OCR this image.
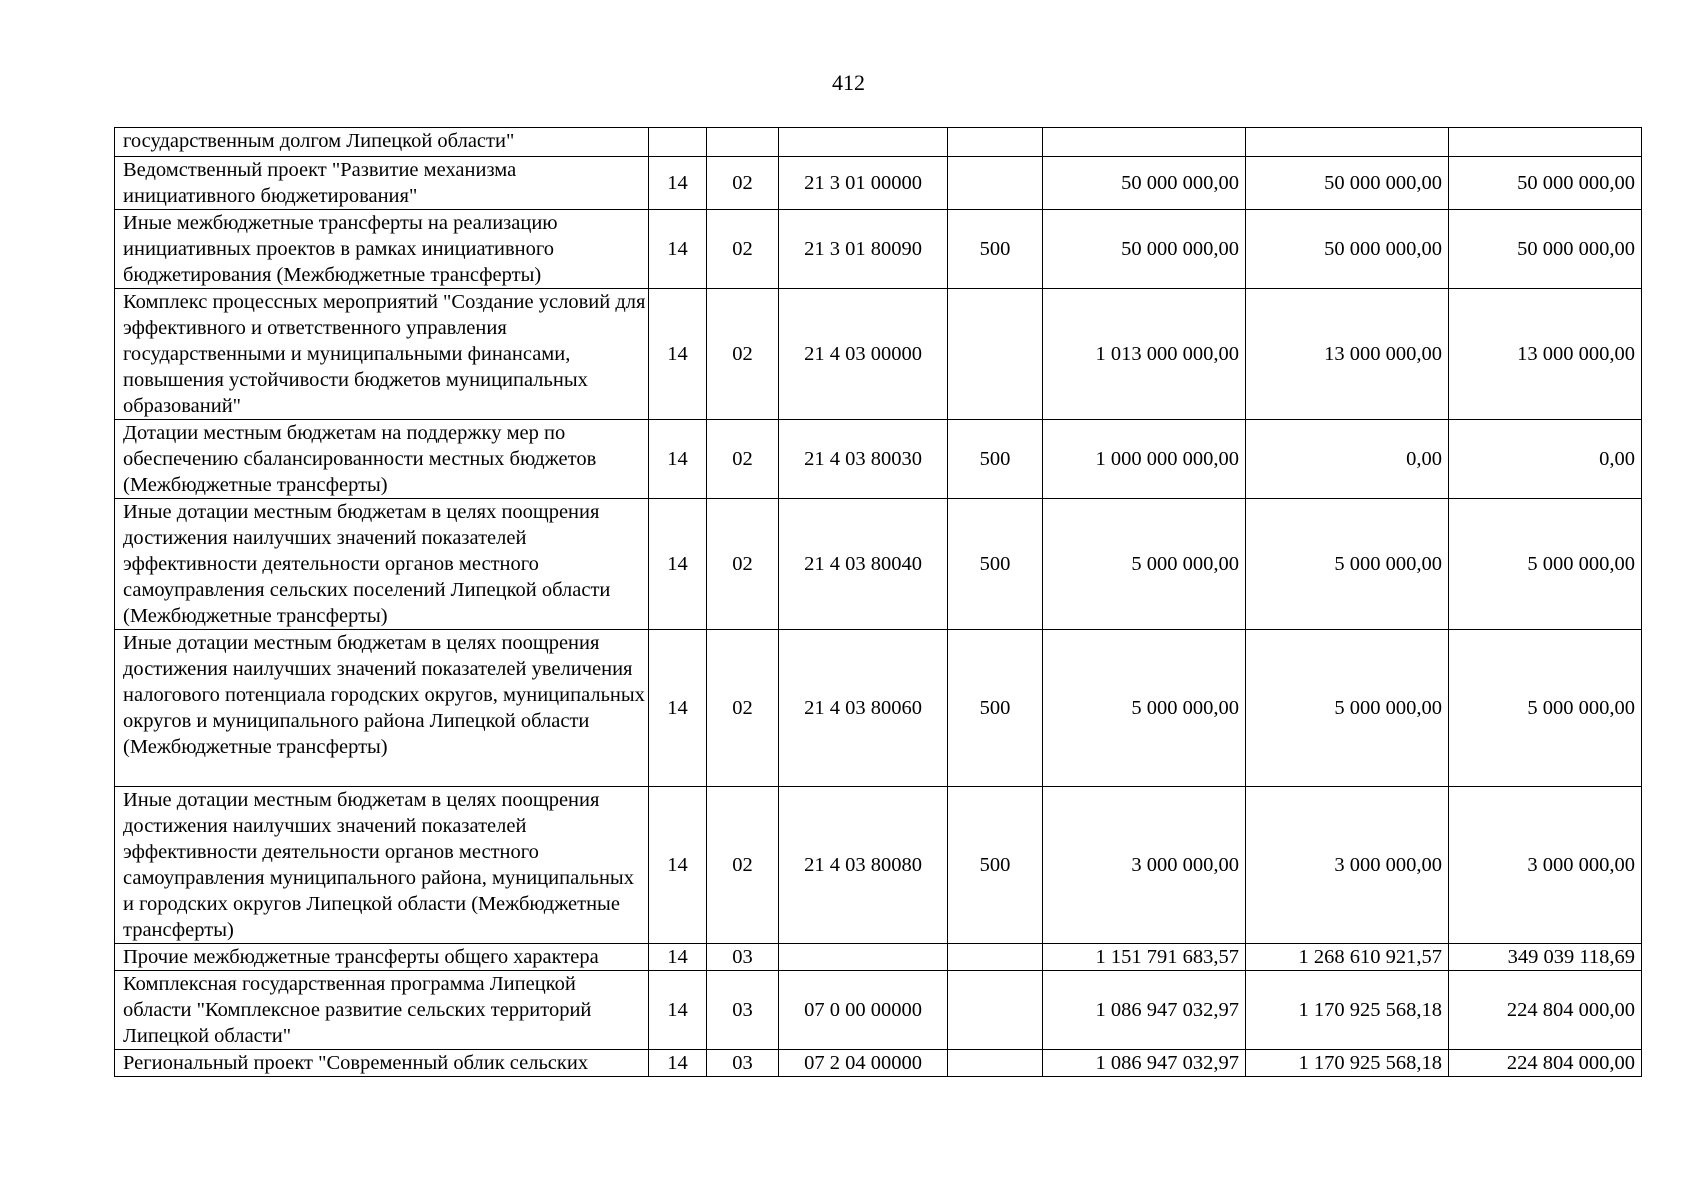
412
государственным долгом Липецкой области"							
Ведомственный проект "Развитие механизма инициативного бюджетирования"	14	02	21 3 01 00000		50 000 000,00	50 000 000,00	50 000 000,00
Иные межбюджетные трансферты на реализацию инициативных проектов в рамках инициативного бюджетирования (Межбюджетные трансферты)	14	02	21 3 01 80090	500	50 000 000,00	50 000 000,00	50 000 000,00
Комплекс процессных мероприятий "Создание условий для эффективного и ответственного управления государственными и муниципальными финансами, повышения устойчивости бюджетов муниципальных образований"	14	02	21 4 03 00000		1 013 000 000,00	13 000 000,00	13 000 000,00
Дотации местным бюджетам на поддержку мер по обеспечению сбалансированности местных бюджетов (Межбюджетные трансферты)	14	02	21 4 03 80030	500	1 000 000 000,00	0,00	0,00
Иные дотации местным бюджетам в целях поощрения достижения наилучших значений показателей эффективности деятельности органов местного самоуправления сельских поселений Липецкой области (Межбюджетные трансферты)	14	02	21 4 03 80040	500	5 000 000,00	5 000 000,00	5 000 000,00
Иные дотации местным бюджетам в целях поощрения достижения наилучших значений показателей увеличения налогового потенциала городских округов, муниципальных округов и муниципального района Липецкой области (Межбюджетные трансферты)	14	02	21 4 03 80060	500	5 000 000,00	5 000 000,00	5 000 000,00
Иные дотации местным бюджетам в целях поощрения достижения наилучших значений показателей эффективности деятельности органов местного самоуправления муниципального района, муниципальных и городских округов Липецкой области (Межбюджетные трансферты)	14	02	21 4 03 80080	500	3 000 000,00	3 000 000,00	3 000 000,00
Прочие межбюджетные трансферты общего характера	14	03			1 151 791 683,57	1 268 610 921,57	349 039 118,69
Комплексная государственная программа Липецкой области "Комплексное развитие сельских территорий Липецкой области"	14	03	07 0 00 00000		1 086 947 032,97	1 170 925 568,18	224 804 000,00
Региональный проект "Современный облик сельских	14	03	07 2 04 00000		1 086 947 032,97	1 170 925 568,18	224 804 000,00
